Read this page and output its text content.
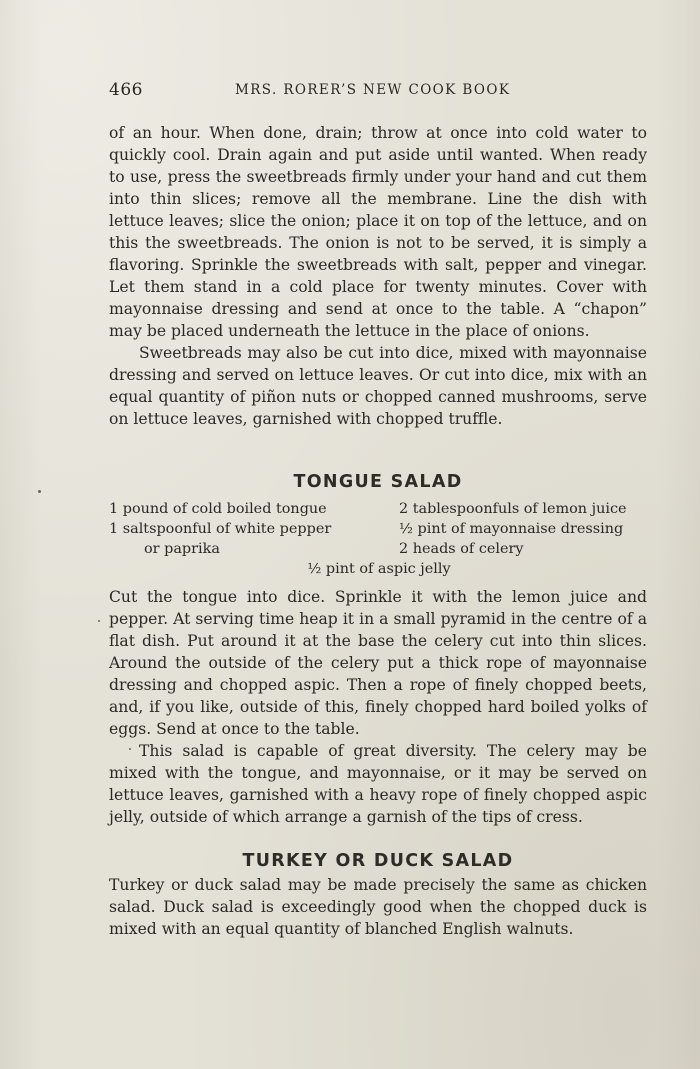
466	MRS. RORER’S NEW COOK BOOK

of an hour. When done, drain; throw at once into cold water to quickly cool. Drain again and put aside until wanted. When ready to use, press the sweetbreads firmly under your hand and cut them into thin slices; remove all the membrane. Line the dish with lettuce leaves; slice the onion; place it on top of the lettuce, and on this the sweetbreads. The onion is not to be served, it is simply a flavoring. Sprinkle the sweetbreads with salt, pepper and vinegar. Let them stand in a cold place for twenty minutes. Cover with mayonnaise dressing and send at once to the table. A “chapon” may be placed underneath the lettuce in the place of onions.

Sweetbreads may also be cut into dice, mixed with mayonnaise dressing and served on lettuce leaves. Or cut into dice, mix with an equal quantity of piñon nuts or chopped canned mushrooms, serve on lettuce leaves, garnished with chopped truffle.

TONGUE SALAD
1 pound of cold boiled tongue	2 tablespoonfuls of lemon juice
1 saltspoonful of white pepper	½ pint of mayonnaise dressing
or paprika	2 heads of celery
½ pint of aspic jelly

Cut the tongue into dice. Sprinkle it with the lemon juice and pepper. At serving time heap it in a small pyramid in the centre of a flat dish. Put around it at the base the celery cut into thin slices. Around the outside of the celery put a thick rope of mayonnaise dressing and chopped aspic. Then a rope of finely chopped beets, and, if you like, outside of this, finely chopped hard boiled yolks of eggs. Send at once to the table.

This salad is capable of great diversity. The celery may be mixed with the tongue, and mayonnaise, or it may be served on lettuce leaves, garnished with a heavy rope of finely chopped aspic jelly, outside of which arrange a garnish of the tips of cress.

TURKEY OR DUCK SALAD

Turkey or duck salad may be made precisely the same as chicken salad. Duck salad is exceedingly good when the chopped duck is mixed with an equal quantity of blanched English walnuts.
